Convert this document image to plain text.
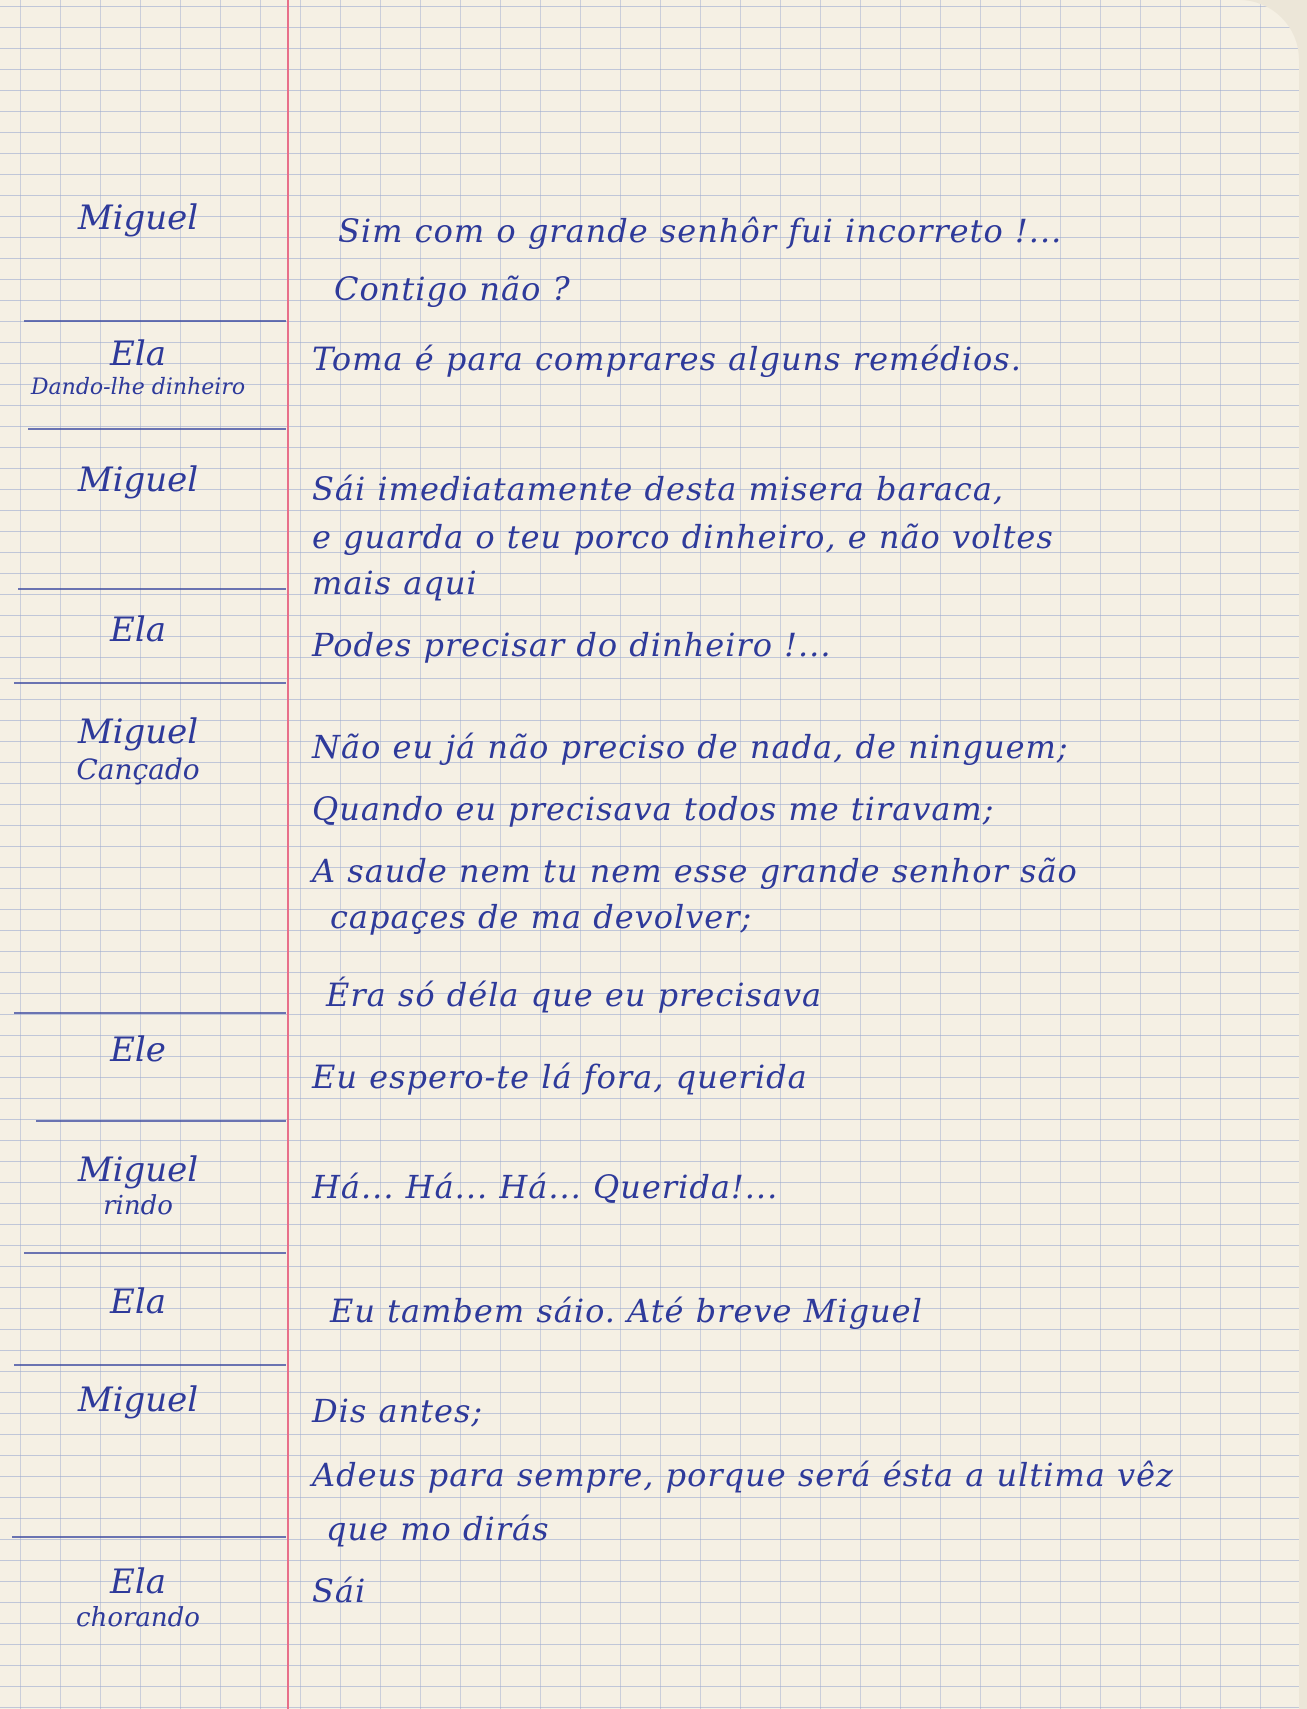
Miguel
Ela
Dando-lhe dinheiro
Miguel
Ela
Miguel
Cançado
Ele
Miguel
rindo
Ela
Miguel
Ela
chorando
Sim com o grande senhôr fui incorreto !...
Contigo não ?
Toma é para comprares alguns remédios.
Sái imediatamente desta misera baraca,
e guarda o teu porco dinheiro, e não voltes
mais aqui
Podes precisar do dinheiro !...
Não eu já não preciso de nada, de ninguem;
Quando eu precisava todos me tiravam;
A saude nem tu nem esse grande senhor são
capaçes de ma devolver;
Éra só déla que eu precisava
Eu espero-te lá fora, querida
Há... Há... Há... Querida!...
Eu tambem sáio. Até breve Miguel
Dis antes;
Adeus para sempre, porque será ésta a ultima vêz
que mo dirás
Sái
